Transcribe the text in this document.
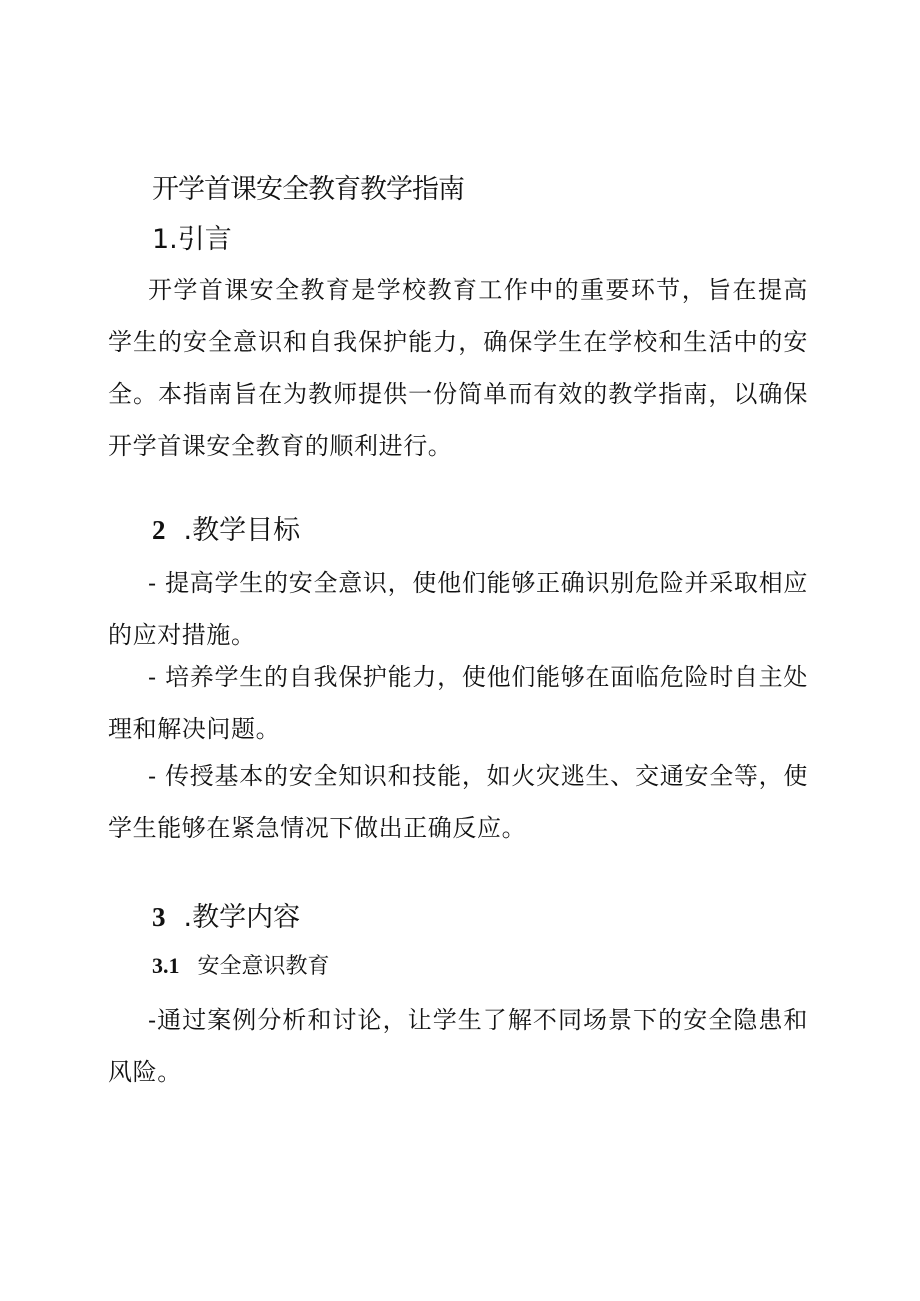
开学首课安全教育教学指南
1.引言
开学首课安全教育是学校教育工作中的重要环节，旨在提高学生的安全意识和自我保护能力，确保学生在学校和生活中的安全。本指南旨在为教师提供一份简单而有效的教学指南，以确保开学首课安全教育的顺利进行。
2 .教学目标
- 提高学生的安全意识，使他们能够正确识别危险并采取相应的应对措施。
- 培养学生的自我保护能力，使他们能够在面临危险时自主处理和解决问题。
- 传授基本的安全知识和技能，如火灾逃生、交通安全等，使学生能够在紧急情况下做出正确反应。
3 .教学内容
3.1 安全意识教育
-通过案例分析和讨论，让学生了解不同场景下的安全隐患和风险。
